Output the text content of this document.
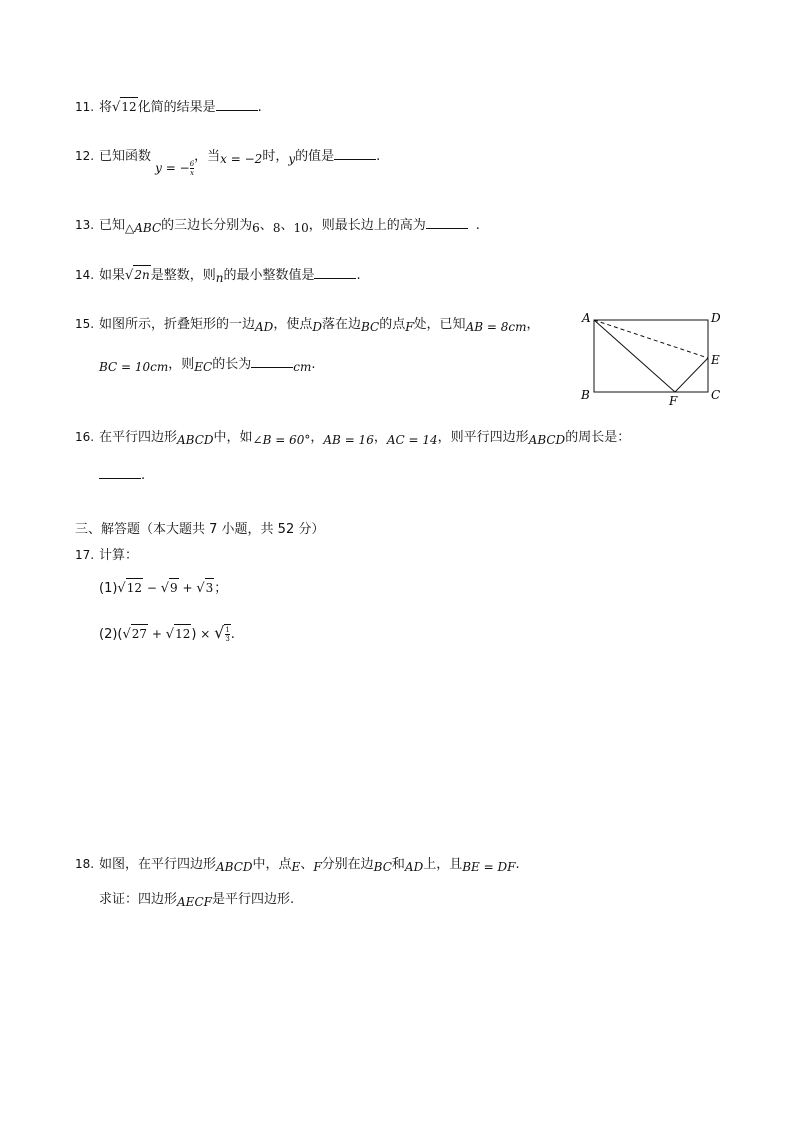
11. 将√12化简的结果是	.
12. 已知函数 y = − $\frac{6}{x}$
，当x = −2时，y的值是	.
13. 已知△ABC的三边长分别为6、8、10，则最长边上的高为	.
14. 如果√2n是整数，则n的最小整数值是	.
15. 如图所示，折叠矩形的一边AD，使点D落在边BC的点F处，已知AB = 8cm，
BC = 10cm，则EC的长为	cm.
A	D
E
B	F	C
16. 在平行四边形ABCD中，如∠B = 60°，AB = 16，AC = 14，则平行四边形ABCD的周长是：
.
三、解答题（本大题共 7 小题，共 52 分）
17. 计算：
(1)√12 − √9 + √3；
(2)(√27 + √12) × √ $\frac{1}{3}$ .
18. 如图，在平行四边形ABCD中，点E、F分别在边BC和AD上，且BE = DF.
求证：四边形AECF是平行四边形.
